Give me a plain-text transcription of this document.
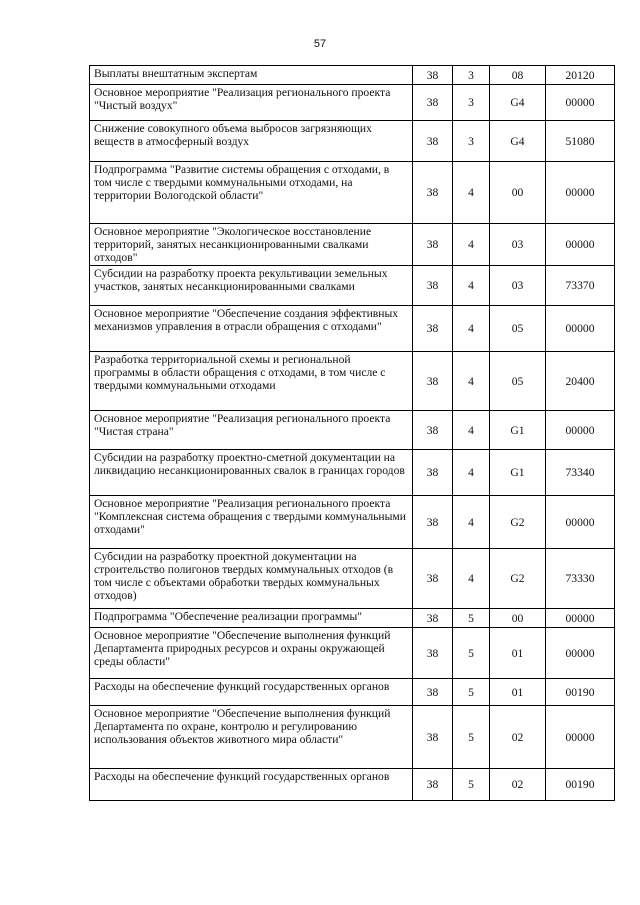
57
Выплаты внештатным экспертам	38	3	08	20120
Основное мероприятие "Реализация регионального проекта "Чистый воздух"	38	3	G4	00000
Снижение совокупного объема выбросов загрязняющих веществ в атмосферный воздух	38	3	G4	51080
Подпрограмма "Развитие системы обращения с отходами, в том числе с твердыми коммунальными отходами, на территории Вологодской области"	38	4	00	00000
Основное мероприятие "Экологическое восстановление территорий, занятых несанкционированными свалками отходов"	38	4	03	00000
Субсидии на разработку проекта рекультивации земельных участков, занятых несанкционированными свалками	38	4	03	73370
Основное мероприятие "Обеспечение создания эффективных механизмов управления в отрасли обращения с отходами"	38	4	05	00000
Разработка территориальной схемы и региональной программы в области обращения с отходами, в том числе с твердыми коммунальными отходами	38	4	05	20400
Основное мероприятие "Реализация регионального проекта "Чистая страна"	38	4	G1	00000
Субсидии на разработку проектно-сметной документации на ликвидацию несанкционированных свалок в границах городов	38	4	G1	73340
Основное мероприятие "Реализация регионального проекта "Комплексная система обращения с твердыми коммунальными отходами"	38	4	G2	00000
Субсидии на разработку проектной документации на строительство полигонов твердых коммунальных отходов (в том числе с объектами обработки твердых коммунальных отходов)	38	4	G2	73330
Подпрограмма "Обеспечение реализации программы"	38	5	00	00000
Основное мероприятие "Обеспечение выполнения функций Департамента природных ресурсов и охраны окружающей среды области"	38	5	01	00000
Расходы на обеспечение функций государственных органов	38	5	01	00190
Основное мероприятие "Обеспечение выполнения функций Департамента по охране, контролю и регулированию использования объектов животного мира области"	38	5	02	00000
Расходы на обеспечение функций государственных органов	38	5	02	00190
